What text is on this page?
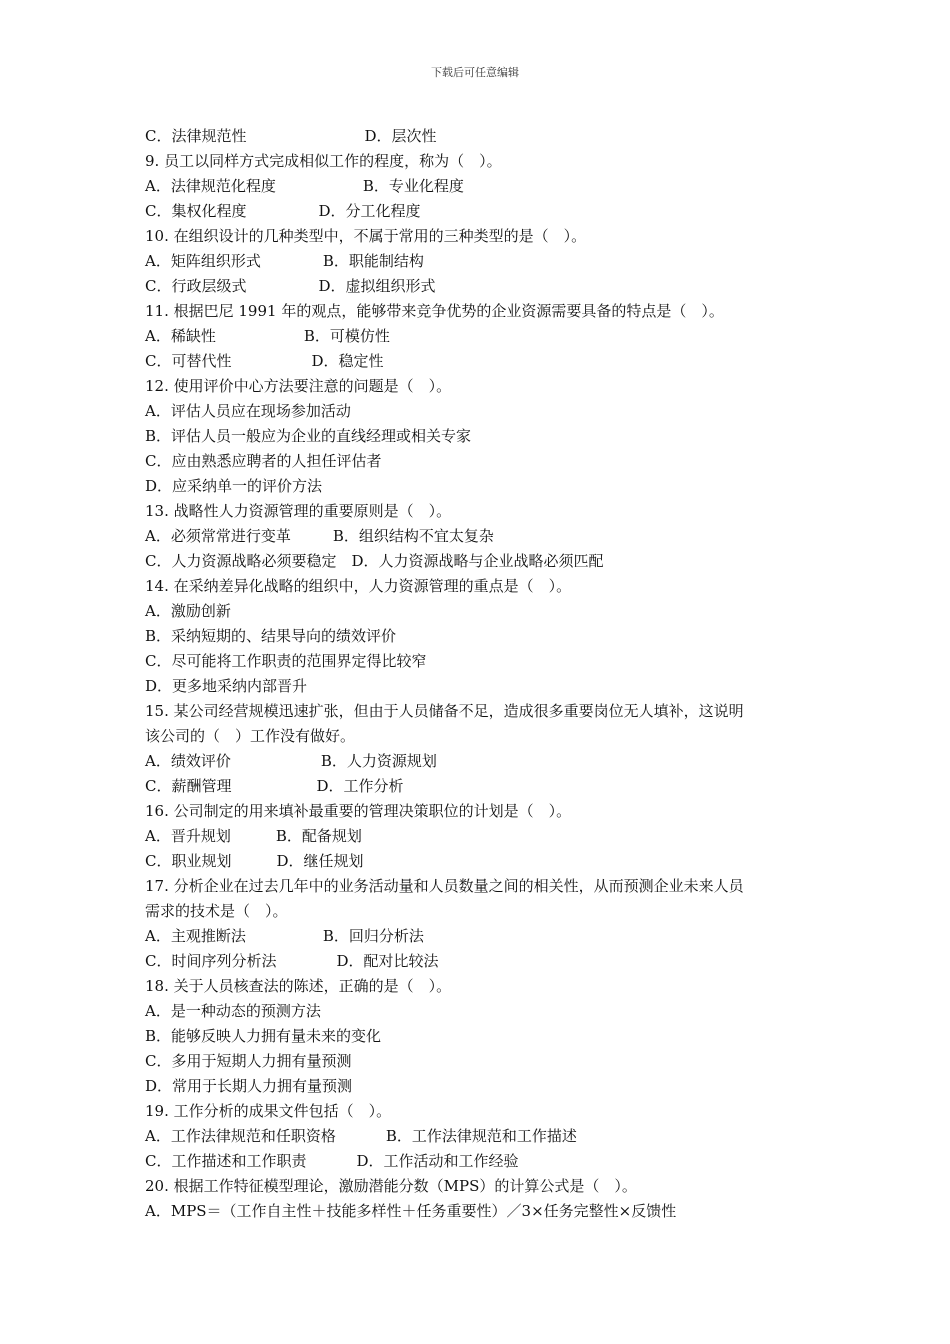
下载后可任意编辑
C．法律规范性	D．层次性
9. 员工以同样方式完成相似工作的程度，称为（　）。
A．法律规范化程度	B．专业化程度
C．集权化程度	D．分工化程度
10. 在组织设计的几种类型中，不属于常用的三种类型的是（　）。
A．矩阵组织形式	B．职能制结构
C．行政层级式	D．虚拟组织形式
11. 根据巴尼 1991 年的观点，能够带来竞争优势的企业资源需要具备的特点是（　）。
A．稀缺性	B．可模仿性
C．可替代性	D．稳定性
12. 使用评价中心方法要注意的问题是（　）。
A．评估人员应在现场参加活动
B．评估人员一般应为企业的直线经理或相关专家
C．应由熟悉应聘者的人担任评估者
D．应采纳单一的评价方法
13. 战略性人力资源管理的重要原则是（　）。
A．必须常常进行变革	B．组织结构不宜太复杂
C．人力资源战略必须要稳定 D．人力资源战略与企业战略必须匹配
14. 在采纳差异化战略的组织中，人力资源管理的重点是（　）。
A．激励创新
B．采纳短期的、结果导向的绩效评价
C．尽可能将工作职责的范围界定得比较窄
D．更多地采纳内部晋升
15. 某公司经营规模迅速扩张，但由于人员储备不足，造成很多重要岗位无人填补，这说明
该公司的（　）工作没有做好。
A．绩效评价	B．人力资源规划
C．薪酬管理	D．工作分析
16. 公司制定的用来填补最重要的管理决策职位的计划是（　）。
A．晋升规划	B．配备规划
C．职业规划	D．继任规划
17. 分析企业在过去几年中的业务活动量和人员数量之间的相关性，从而预测企业未来人员
需求的技术是（　）。
A．主观推断法	B．回归分析法
C．时间序列分析法	D．配对比较法
18. 关于人员核查法的陈述，正确的是（　）。
A．是一种动态的预测方法
B．能够反映人力拥有量未来的变化
C．多用于短期人力拥有量预测
D．常用于长期人力拥有量预测
19. 工作分析的成果文件包括（　）。
A．工作法律规范和任职资格	B．工作法律规范和工作描述
C．工作描述和工作职责	D．工作活动和工作经验
20. 根据工作特征模型理论，激励潜能分数（MPS）的计算公式是（　）。
A．MPS＝（工作自主性＋技能多样性＋任务重要性）／3×任务完整性×反馈性
